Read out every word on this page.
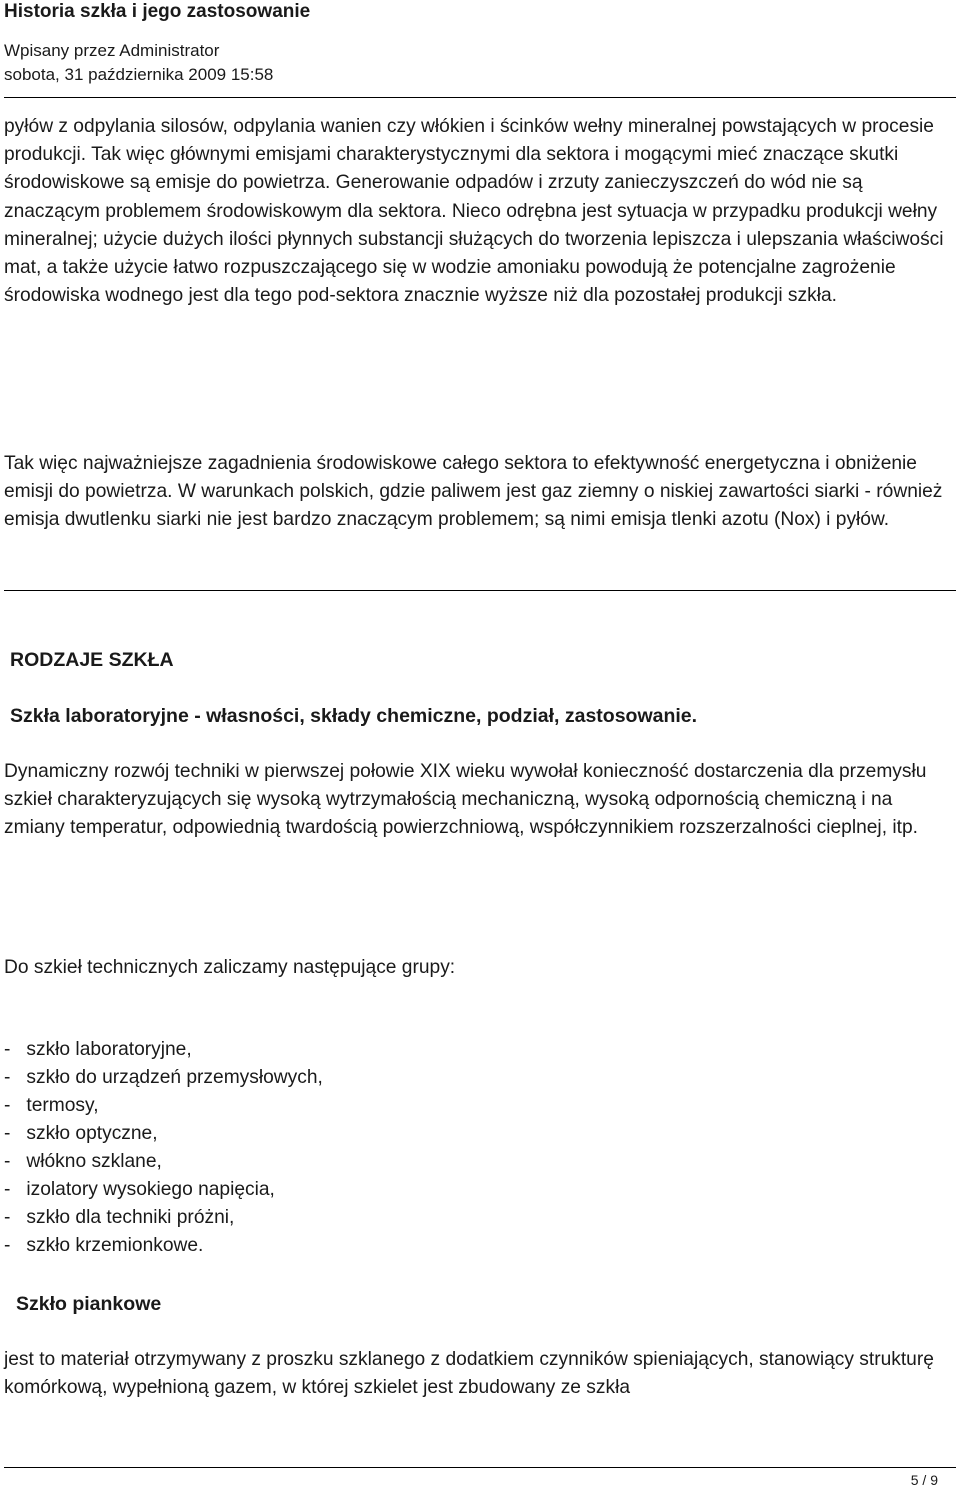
Historia szkła i jego zastosowanie
Wpisany przez Administrator
sobota, 31 października 2009 15:58

pyłów z odpylania silosów, odpylania wanien czy włókien i ścinków wełny mineralnej powstających w procesie produkcji. Tak więc głównymi emisjami charakterystycznymi dla sektora i mogącymi mieć znaczące skutki środowiskowe są emisje do powietrza. Generowanie odpadów i zrzuty zanieczyszczeń do wód nie są znaczącym problemem środowiskowym dla sektora. Nieco odrębna jest sytuacja w przypadku produkcji wełny mineralnej; użycie dużych ilości płynnych substancji służących do tworzenia lepiszcza i ulepszania właściwości mat, a także użycie łatwo rozpuszczającego się w wodzie amoniaku powodują że potencjalne zagrożenie środowiska wodnego jest dla tego pod-sektora znacznie wyższe niż dla pozostałej produkcji szkła.

Tak więc najważniejsze zagadnienia środowiskowe całego sektora to efektywność energetyczna i obniżenie emisji do powietrza. W warunkach polskich, gdzie paliwem jest gaz ziemny o niskiej zawartości siarki - również emisja dwutlenku siarki nie jest bardzo znaczącym problemem; są nimi emisja tlenki azotu (Nox) i pyłów.

RODZAJE SZKŁA
Szkła laboratoryjne - własności, składy chemiczne, podział, zastosowanie.

Dynamiczny rozwój techniki w pierwszej połowie XIX wieku wywołał konieczność dostarczenia dla przemysłu szkieł charakteryzujących się wysoką wytrzymałością mechaniczną, wysoką odpornością chemiczną i na zmiany temperatur, odpowiednią twardością powierzchniową, współczynnikiem rozszerzalności cieplnej, itp.

Do szkieł technicznych zaliczamy następujące grupy:

-   szkło laboratoryjne,
-   szkło do urządzeń przemysłowych,
-   termosy,
-   szkło optyczne,
-   włókno szklane,
-   izolatory wysokiego napięcia,
-   szkło dla techniki próżni,
-   szkło krzemionkowe.
Szkło piankowe

jest to materiał otrzymywany z proszku szklanego z dodatkiem czynników spieniających, stanowiący strukturę komórkową, wypełnioną gazem, w której szkielet jest zbudowany ze szkła

5 / 9
